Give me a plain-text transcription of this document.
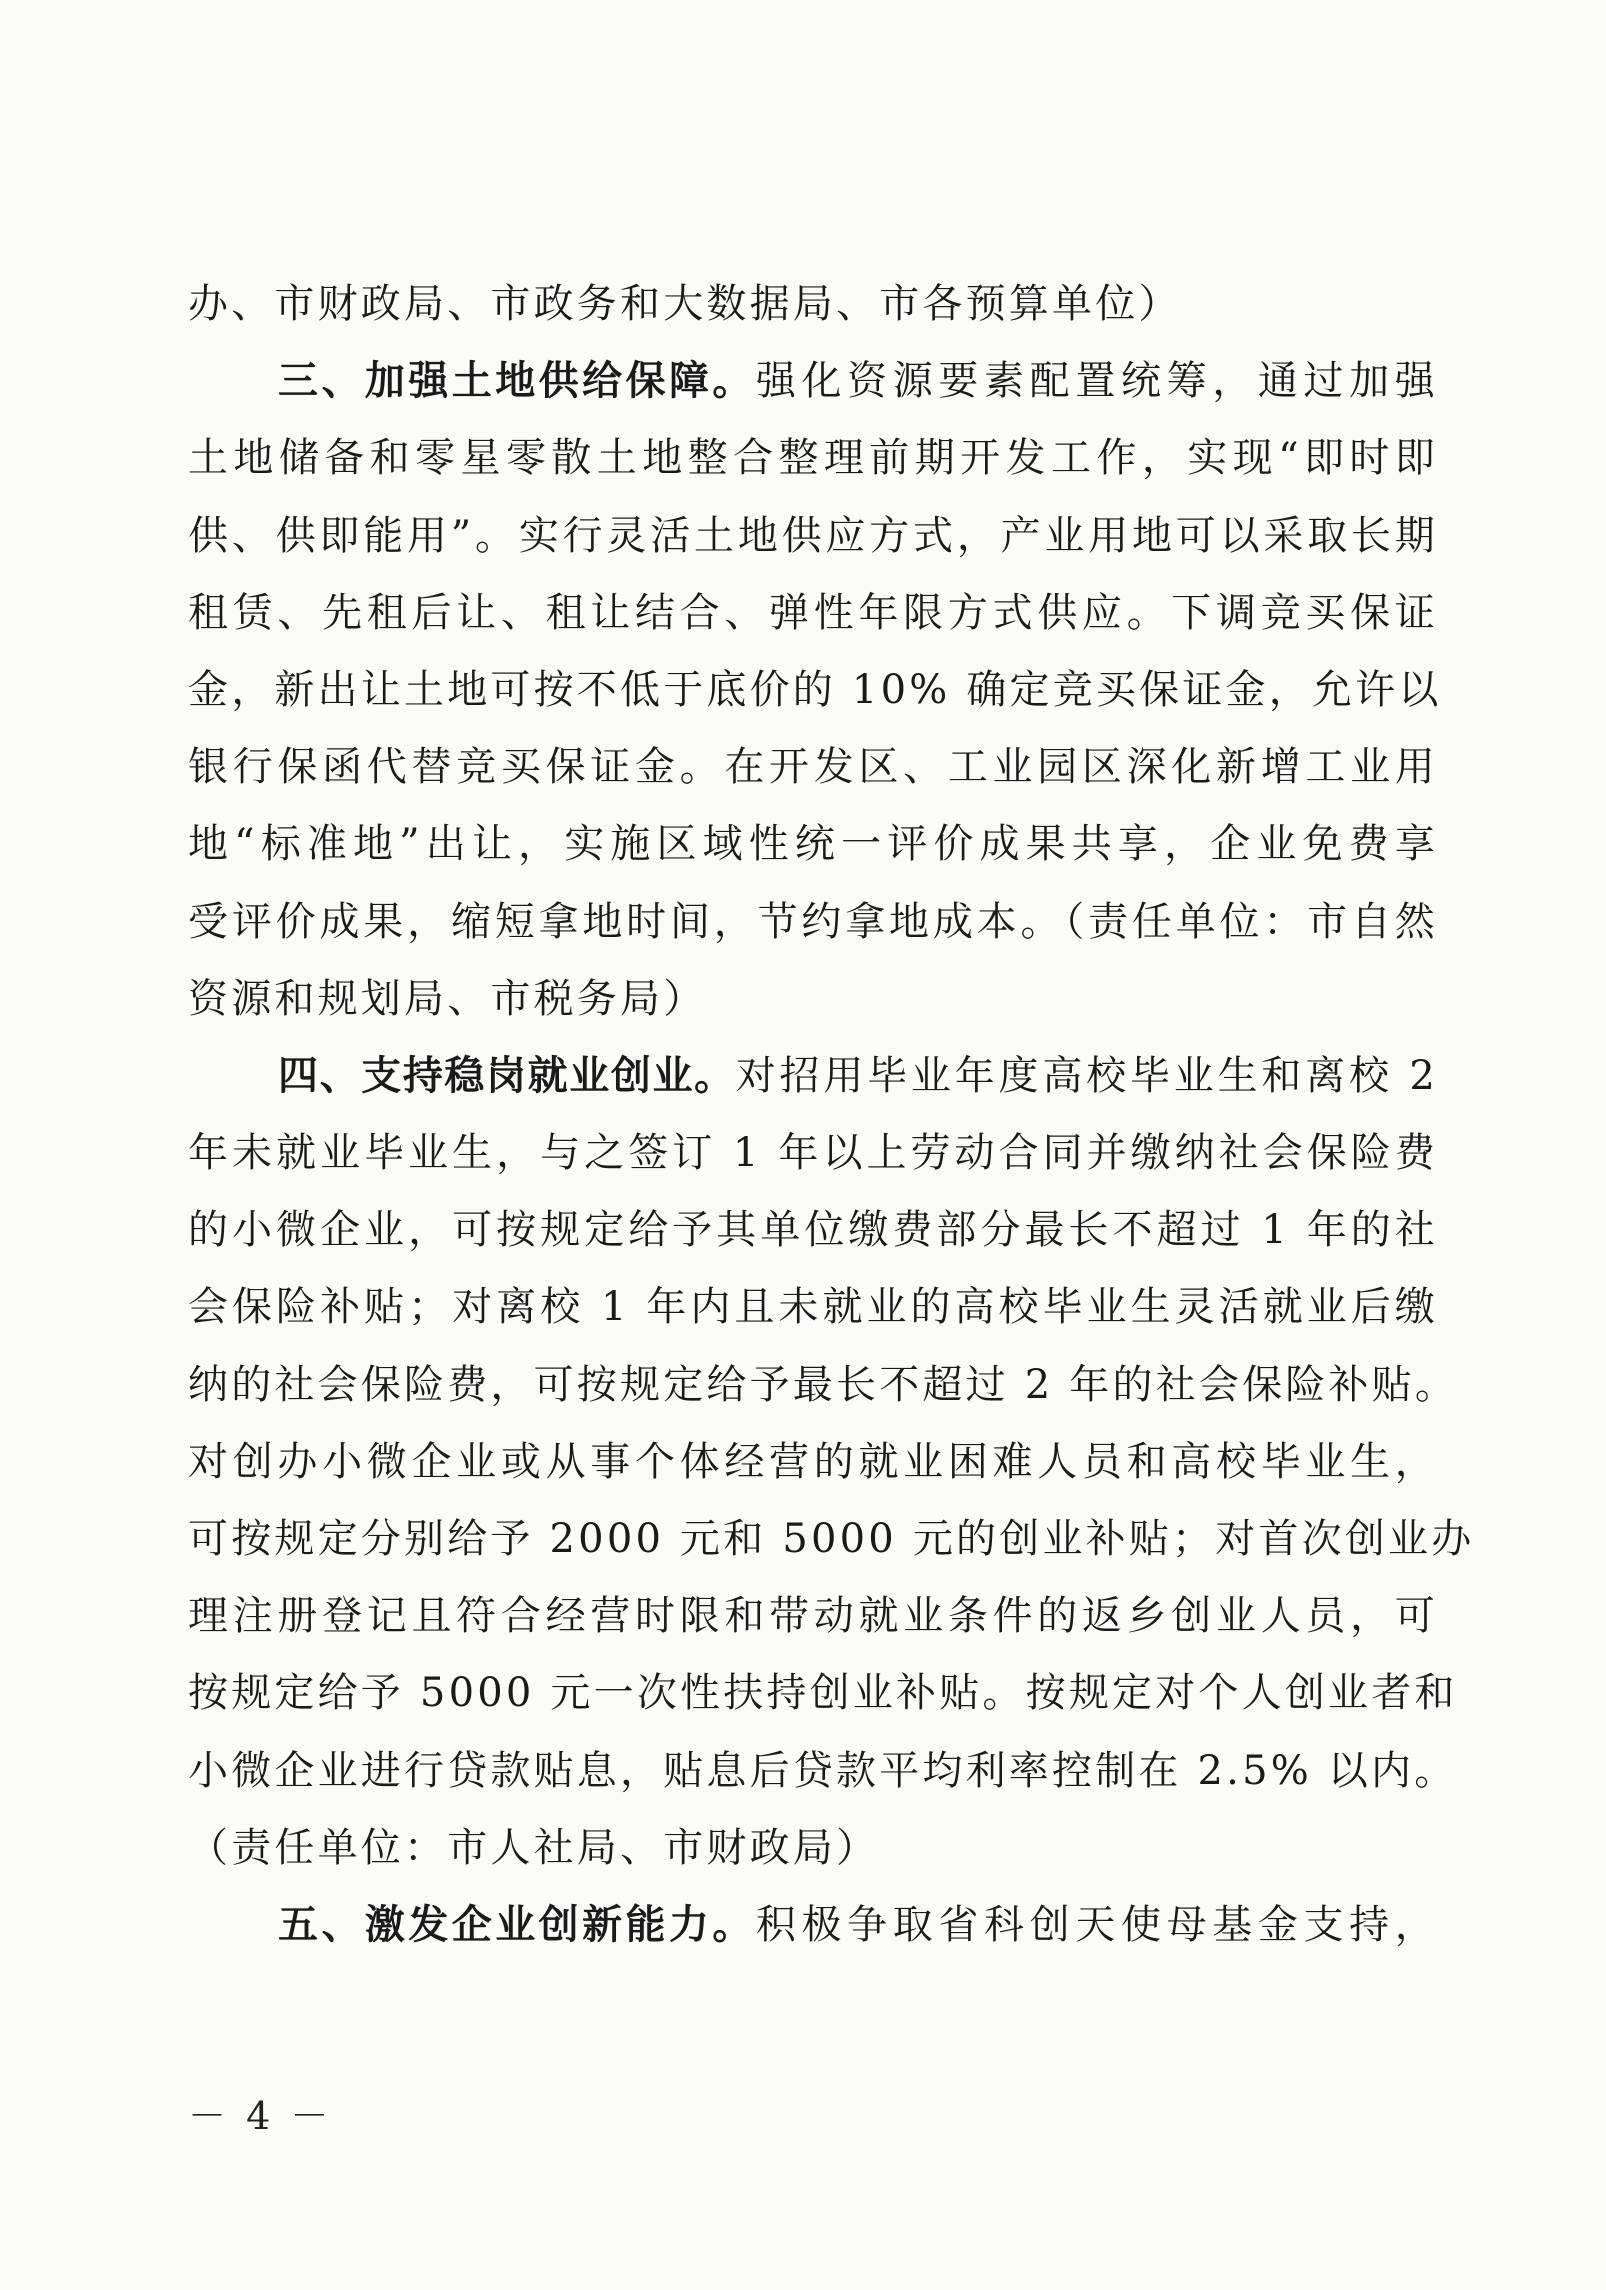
办、市财政局、市政务和大数据局、市各预算单位）
三、加强土地供给保障。强化资源要素配置统筹，通过加强
土地储备和零星零散土地整合整理前期开发工作，实现“即时即
供、供即能用”。实行灵活土地供应方式，产业用地可以采取长期
租赁、先租后让、租让结合、弹性年限方式供应。下调竞买保证
金，新出让土地可按不低于底价的 10% 确定竞买保证金，允许以
银行保函代替竞买保证金。在开发区、工业园区深化新增工业用
地“标准地”出让，实施区域性统一评价成果共享，企业免费享
受评价成果，缩短拿地时间，节约拿地成本。（责任单位：市自然
资源和规划局、市税务局）
四、支持稳岗就业创业。对招用毕业年度高校毕业生和离校 2
年未就业毕业生，与之签订 1 年以上劳动合同并缴纳社会保险费
的小微企业，可按规定给予其单位缴费部分最长不超过 1 年的社
会保险补贴；对离校 1 年内且未就业的高校毕业生灵活就业后缴
纳的社会保险费，可按规定给予最长不超过 2 年的社会保险补贴。
对创办小微企业或从事个体经营的就业困难人员和高校毕业生，
可按规定分别给予 2000 元和 5000 元的创业补贴；对首次创业办
理注册登记且符合经营时限和带动就业条件的返乡创业人员，可
按规定给予 5000 元一次性扶持创业补贴。按规定对个人创业者和
小微企业进行贷款贴息，贴息后贷款平均利率控制在 2.5% 以内。
（责任单位：市人社局、市财政局）
五、激发企业创新能力。积极争取省科创天使母基金支持，
－ 4 －
